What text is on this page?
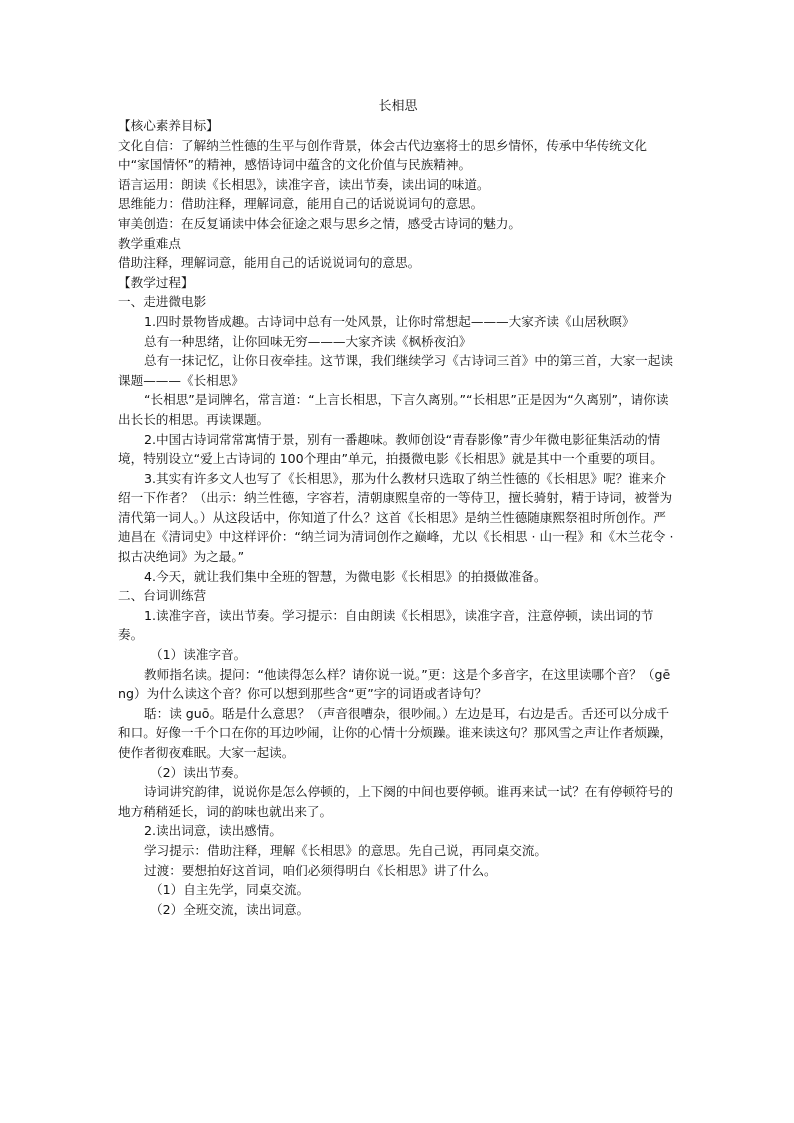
长相思
【核心素养目标】
文化自信：了解纳兰性德的生平与创作背景，体会古代边塞将士的思乡情怀，传承中华传统文化中“家国情怀”的精神，感悟诗词中蕴含的文化价值与民族精神。
语言运用：朗读《长相思》，读准字音，读出节奏，读出词的味道。
思维能力：借助注释，理解词意，能用自己的话说说词句的意思。
审美创造：在反复诵读中体会征途之艰与思乡之情，感受古诗词的魅力。
教学重难点
借助注释，理解词意，能用自己的话说说词句的意思。
【教学过程】
一、走进微电影
1.四时景物皆成趣。古诗词中总有一处风景，让你时常想起———大家齐读《山居秋暝》
总有一种思绪，让你回味无穷———大家齐读《枫桥夜泊》
总有一抹记忆，让你日夜牵挂。这节课，我们继续学习《古诗词三首》中的第三首，大家一起读课题———《长相思》
“长相思”是词牌名，常言道：“上言长相思，下言久离别。”“长相思”正是因为“久离别”，请你读出长长的相思。再读课题。
2.中国古诗词常常寓情于景，别有一番趣味。教师创设“青春影像”青少年微电影征集活动的情境，特别设立“爱上古诗词的 100个理由”单元，拍摄微电影《长相思》就是其中一个重要的项目。
3.其实有许多文人也写了《长相思》，那为什么教材只选取了纳兰性德的《长相思》呢？谁来介绍一下作者？（出示：纳兰性德，字容若，清朝康熙皇帝的一等侍卫，擅长骑射，精于诗词，被誉为清代第一词人。）从这段话中，你知道了什么？这首《长相思》是纳兰性德随康熙祭祖时所创作。严迪昌在《清词史》中这样评价：“纳兰词为清词创作之巅峰，尤以《长相思 · 山一程》和《木兰花令 · 拟古决绝词》为之最。”
4.今天，就让我们集中全班的智慧，为微电影《长相思》的拍摄做准备。
二、台词训练营
1.读准字音，读出节奏。学习提示：自由朗读《长相思》，读准字音，注意停顿，读出词的节奏。
（1）读准字音。
教师指名读。提问：“他读得怎么样？请你说一说。”更：这是个多音字，在这里读哪个音？（gēng）为什么读这个音？你可以想到那些含“更”字的词语或者诗句？
聒：读 guō。聒是什么意思？（声音很嘈杂，很吵闹。）左边是耳，右边是舌。舌还可以分成千和口。好像一千个口在你的耳边吵闹，让你的心情十分烦躁。谁来读这句？那风雪之声让作者烦躁，使作者彻夜难眠。大家一起读。
（2）读出节奏。
诗词讲究韵律，说说你是怎么停顿的，上下阕的中间也要停顿。谁再来试一试？在有停顿符号的地方稍稍延长，词的韵味也就出来了。
2.读出词意，读出感情。
学习提示：借助注释，理解《长相思》的意思。先自己说，再同桌交流。
过渡：要想拍好这首词，咱们必须得明白《长相思》讲了什么。
（1）自主先学，同桌交流。
（2）全班交流，读出词意。
